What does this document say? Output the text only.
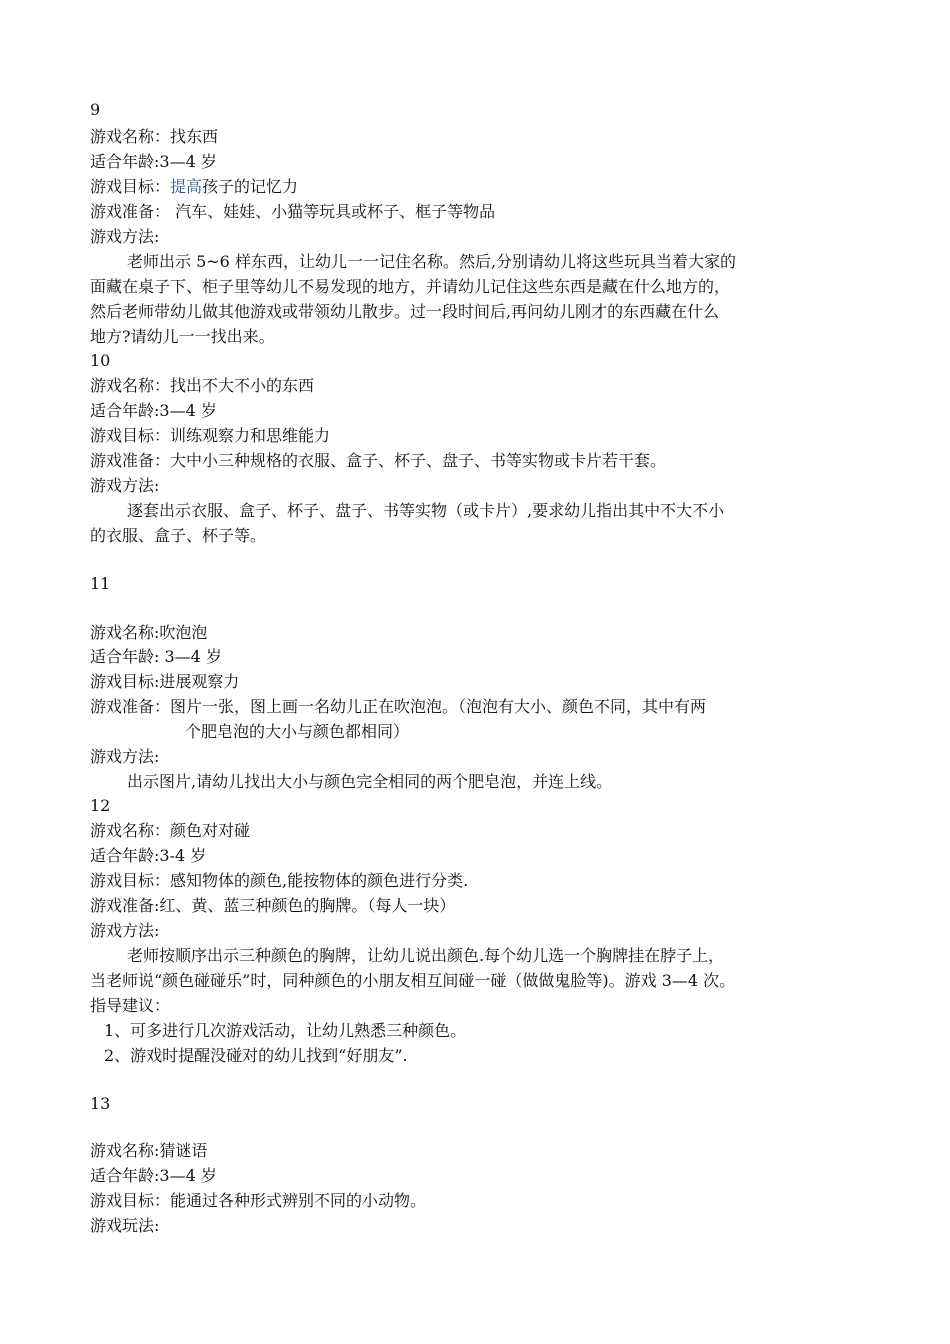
9
游戏名称：找东西
适合年龄:3—4 岁
游戏目标：提高孩子的记忆力
游戏准备： 汽车、娃娃、小猫等玩具或杯子、框子等物品
游戏方法:
老师出示 5~6 样东西，让幼儿一一记住名称。然后,分别请幼儿将这些玩具当着大家的
面藏在桌子下、柜子里等幼儿不易发现的地方，并请幼儿记住这些东西是藏在什么地方的，
然后老师带幼儿做其他游戏或带领幼儿散步。过一段时间后,再问幼儿刚才的东西藏在什么
地方?请幼儿一一找出来。
10
游戏名称：找出不大不小的东西
适合年龄:3—4 岁
游戏目标：训练观察力和思维能力
游戏准备：大中小三种规格的衣服、盒子、杯子、盘子、书等实物或卡片若干套。
游戏方法:
逐套出示衣服、盒子、杯子、盘子、书等实物（或卡片）,要求幼儿指出其中不大不小
的衣服、盒子、杯子等。
11
游戏名称:吹泡泡
适合年龄: 3—4 岁
游戏目标:进展观察力
游戏准备：图片一张，图上画一名幼儿正在吹泡泡。（泡泡有大小、颜色不同，其中有两
个肥皂泡的大小与颜色都相同）
游戏方法:
出示图片,请幼儿找出大小与颜色完全相同的两个肥皂泡，并连上线。
12
游戏名称：颜色对对碰
适合年龄:3-4 岁
游戏目标：感知物体的颜色,能按物体的颜色进行分类.
游戏准备:红、黄、蓝三种颜色的胸牌。（每人一块）
游戏方法:
老师按顺序出示三种颜色的胸牌，让幼儿说出颜色.每个幼儿选一个胸牌挂在脖子上，
当老师说“颜色碰碰乐”时，同种颜色的小朋友相互间碰一碰（做做鬼脸等)。游戏 3—4 次。
指导建议：
1、可多进行几次游戏活动，让幼儿熟悉三种颜色。
2、游戏时提醒没碰对的幼儿找到“好朋友”.
13
游戏名称:猜谜语
适合年龄:3—4 岁
游戏目标：能通过各种形式辨别不同的小动物。
游戏玩法:
